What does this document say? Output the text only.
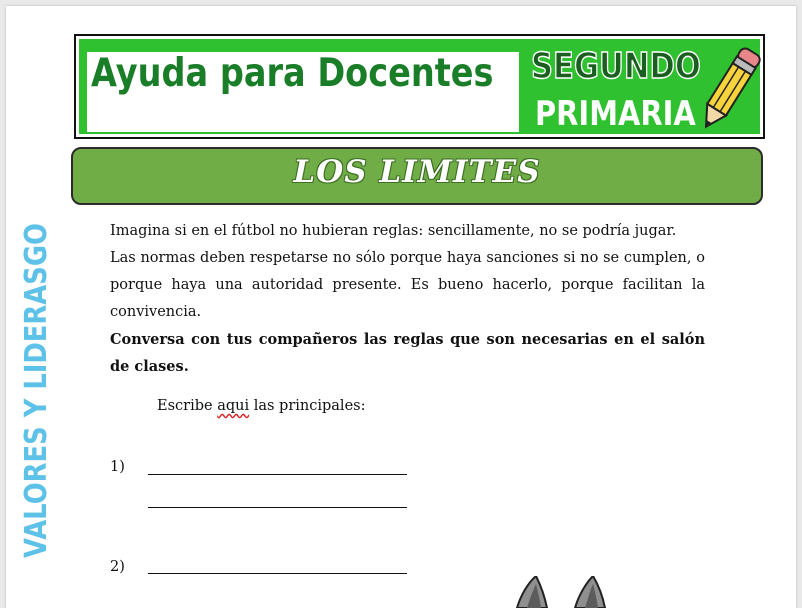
Ayuda para Docentes SEGUNDO
PRIMARIA
LOS LIMITES
VALORES Y LIDERASGO	Imagina si en el fútbol no hubieran reglas: sencillamente, no se podría jugar.

Las normas deben respetarse no sólo porque haya sanciones si no se cumplen, o porque haya una autoridad presente. Es bueno hacerlo, porque facilitan la convivencia.

Conversa con tus compañeros las reglas que son necesarias en el salón de clases.

Escribe aqui las principales:
1)
2)
